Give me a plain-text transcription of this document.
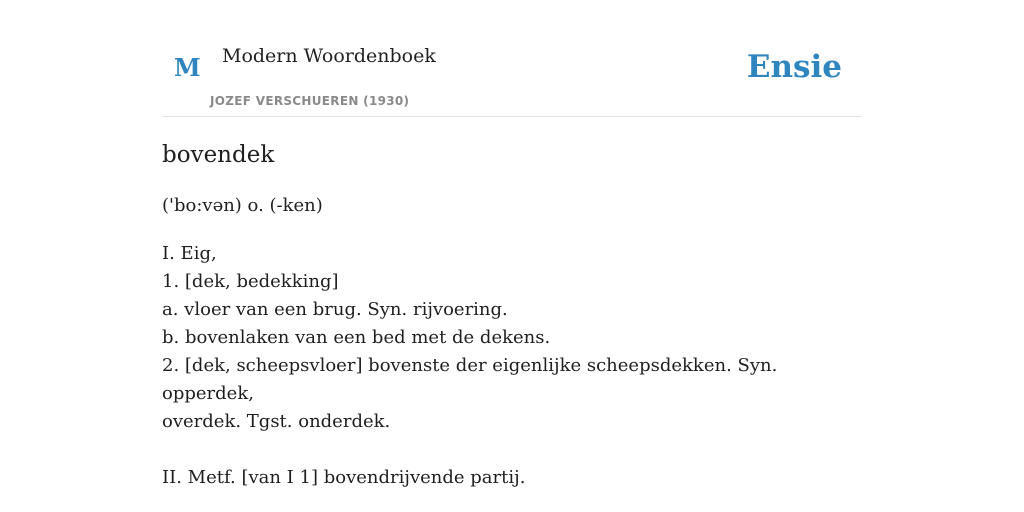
M Modern Woordenboek
JOZEF VERSCHUEREN (1930)
Ensie
bovendek
('bo:vən) o. (-ken)
I. Eig,
1. [dek, bedekking]
a. vloer van een brug. Syn. rijvoering.
b. bovenlaken van een bed met de dekens.
2. [dek, scheepsvloer] bovenste der eigenlijke scheepsdekken. Syn. opperdek,
overdek. Tgst. onderdek.
II. Metf. [van I 1] bovendrijvende partij.
